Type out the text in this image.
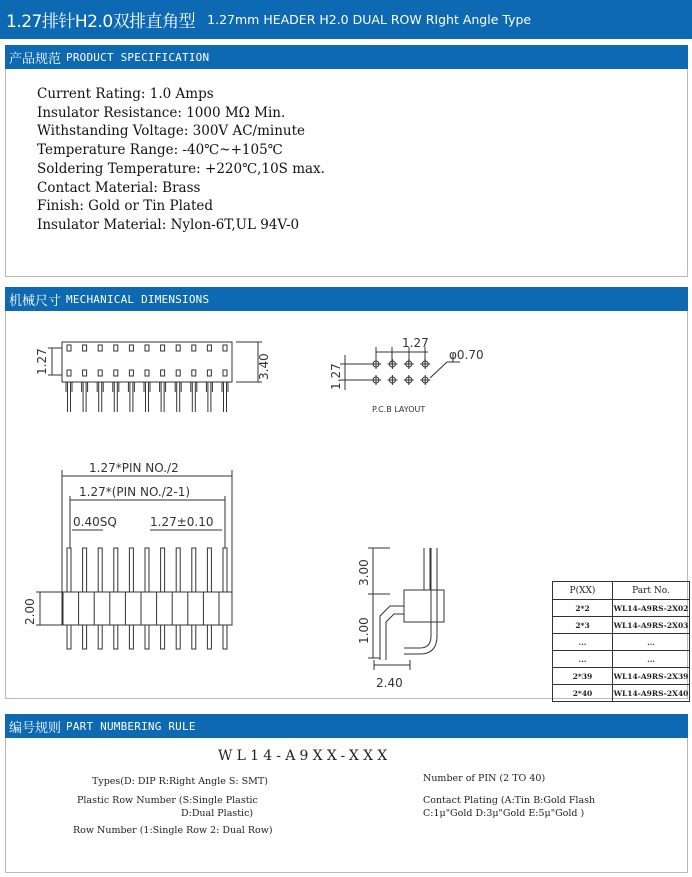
1.27排针H2.0双排直角型 1.27mm HEADER H2.0 DUAL ROW RIght Angle Type
产品规范 PRODUCT SPECIFICATION
Current Rating: 1.0 Amps
Insulator Resistance: 1000 MΩ Min.
Withstanding Voltage: 300V AC/minute
Temperature Range: -40℃~+105℃
Soldering Temperature: +220℃,10S max.
Contact Material: Brass
Finish: Gold or Tin Plated
Insulator Material: Nylon-6T,UL 94V-0
机械尺寸 MECHANICAL DIMENSIONS
1.27	3.40
1.27
1.27
φ0.70
P.C.B LAYOUT
1.27*PIN NO./2
1.27*(PIN NO./2-1)
0.40SQ	1.27±0.10
2.00
3.00
1.00
2.40
P(XX)	Part No.
2*2	WL14-A9RS-2X02
2*3	WL14-A9RS-2X03
...	...
...	...
2*39	WL14-A9RS-2X39
2*40	WL14-A9RS-2X40
编号规则 PART NUMBERING RULE
WL14-A9XX-XXX
Types(D: DIP R:Right Angle S: SMT)
Plastic Row Number (S:Single Plastic
D:Dual Plastic)
Row Number (1:Single Row 2: Dual Row)
Number of PIN (2 TO 40)
Contact Plating (A:Tin B:Gold Flash
C:1μ"Gold D:3μ"Gold E:5μ"Gold )
